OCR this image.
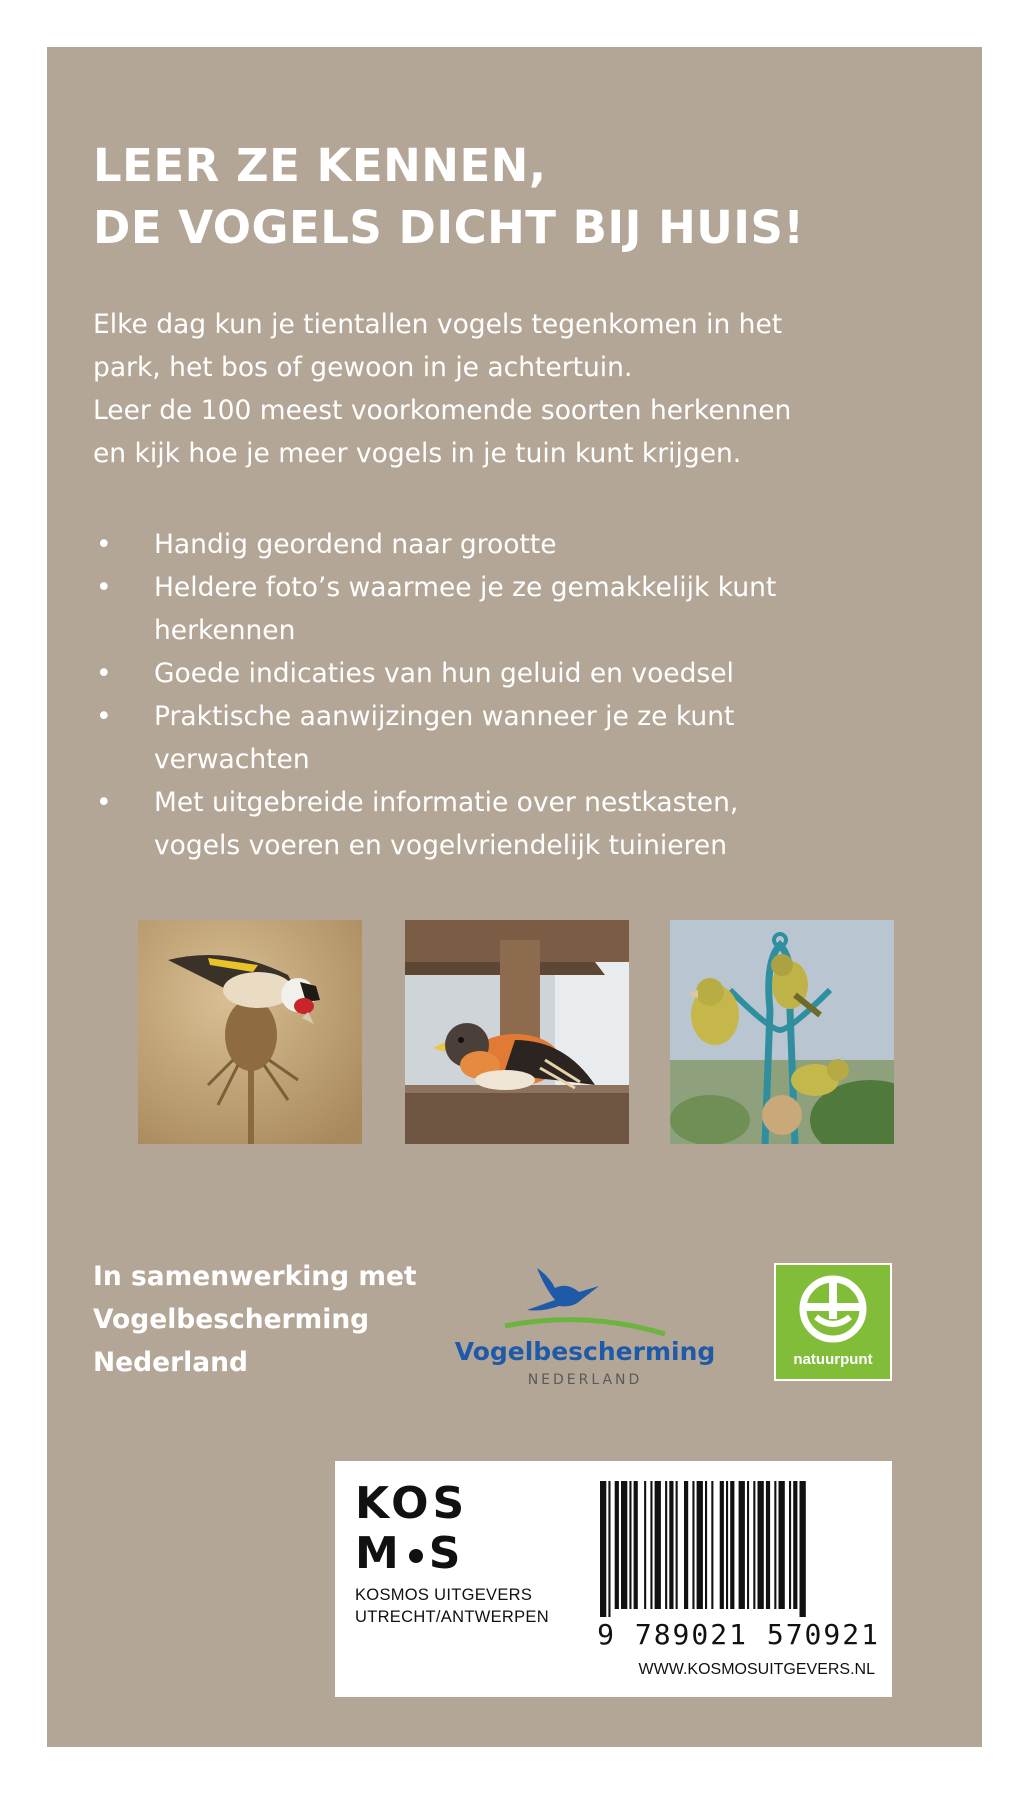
LEER ZE KENNEN,
DE VOGELS DICHT BIJ HUIS!

Elke dag kun je tientallen vogels tegenkomen in het

park, het bos of gewoon in je achtertuin.

Leer de 100 meest voorkomende soorten herkennen

en kijk hoe je meer vogels in je tuin kunt krijgen.

• Handig geordend naar grootte
• Heldere foto’s waarmee je ze gemakkelijk kunt
herkennen
• Goede indicaties van hun geluid en voedsel
• Praktische aanwijzingen wanneer je ze kunt
verwachten
• Met uitgebreide informatie over nestkasten,
vogels voeren en vogelvriendelijk tuinieren
In samenwerking met
Vogelbescherming
Nederland	Vogelbescherming
NEDERLAND
natuurpunt
KOS
M S
KOSMOS UITGEVERS
UTRECHT/ANTWERPEN
9 789021 570921
WWW.KOSMOSUITGEVERS.NL
